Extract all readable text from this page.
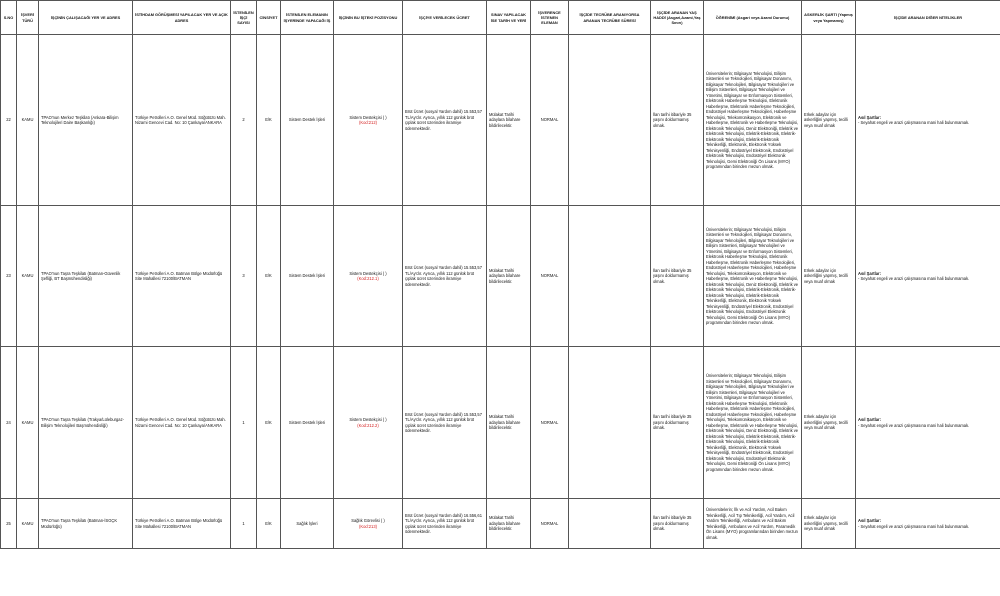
S.NO	İŞVERİ TÜRÜ	İŞÇİNİN ÇALIŞACAĞI YER VE ADRES	İSTİHDAM GÖRÜŞMESİ YAPILACAK YER VE AÇIK ADRES	İSTENİLEN İŞÇİ SAYISI	CİNSİYET	İSTENİLEN ELEMANIN İŞYERİNDE YAPACAĞI İŞ	İŞÇİNİN BU İŞTEKİ POZİSYONU	İŞÇİYE VERİLECEK ÜCRET	SINAV YAPILACAK İSE TARİH VE YERİ	İŞVERENCE İSTENEN ELEMAN	İŞÇİDE TECRÜBE ARANIYORSA ARANAN TECRÜBE SÜRESİ	İŞÇİDE ARANAN YAŞ HADDİ (Asgari,Azami,Yaş Sınırı)	ÖĞRENİMİ (Asgari veya Azami Durumu)	ASKERLİK ŞARTI (Yapmış veya Yapmamış)	İŞÇİDE ARANAN DİĞER NİTELİKLER
22	KAMU	TPAO'nun Merkez Teşkilatı (Ankara-Bilişim Teknolojileri Daire Başkanlığı)	Türkiye Petrolleri A.O. Genel Müd. Söğütözü Mah. Nizami Gencevi Cad. No: 10 Çankaya/ANKARA	2	E/K	Sistem Destek İşleri	Sistem Destekçisi ( )
(Kod:212)	Brüt Ücret (sosyal Yardım dahil) 15.553,57 TL/Ay'dır. Ayrıca, yıllık 112 günlük brüt çıplak ücret üzerinden ikramiye ödenmektedir.	Mülakat Tarihi adaylara bilahare bildirilecektir.	NORMAL		İlan tarihi itibariyle 35 yaşını doldurmamış olmak.	Üniversitelerin; Bilgisayar Teknolojisi, Bilişim Sistemleri ve Teknolojileri, Bilgisayar Donanımı, Bilgisayar Teknolojileri, Bilgisayar Teknolojileri ve Bilişim Sistemleri, Bilgisayar Teknolojileri ve Yönetimi, Bilgisayar ve Enformasyon Sistemleri, Elektronik Haberleşme Teknolojisi, Elektronik Haberleşme, Elektronik Haberleşme Teknolojileri, Endüstriyel Haberleşme Teknolojileri, Haberleşme Teknolojisi, Telekomünikasyon, Elektronik ve Haberleşme, Elektronik ve Haberleşme Teknolojisi, Elektronik Teknolojisi, Deniz Elektroniği, Elektrik ve Elektronik Teknolojisi, Elektrik-Elektronik, Elektrik-Elektronik Teknolojisi, Elektrik-Elektronik Teknikerliği, Elektronik, Elektronik Yüksek Teknisyenliği, Endüstriyel Elektronik, Endüstriyel Elektronik Teknolojisi, Endüstriyel Elektronik Teknolojisi, Gemi Elektroniği Ön Lisans (MYO) programından birinden mezun olmak.	Erkek adaylar için askerliğini yapmış, tecilli veya muaf olmak	Asıl Şartlar:
- Seyahat engeli ve arazi çalışmasına mani hali bulunmamak.

23	KAMU	TPAO'nun Taşra Teşkilatı (Batman-Güvenlik Şefliği, BT Başmühendisliği)	Türkiye Petrolleri A.O. Batman Bölge Müdürlüğü Site Mahallesi 72100/BATMAN	3	E/K	Sistem Destek İşleri	Sistem Destekçisi ( )
(Kod:212.1)	Brüt Ücret (sosyal Yardım dahil) 15.553,57 TL/Ay'dır. Ayrıca, yıllık 112 günlük brüt çıplak ücret üzerinden ikramiye ödenmektedir.	Mülakat Tarihi adaylara bilahare bildirilecektir.	NORMAL		İlan tarihi itibariyle 35 yaşını doldurmamış olmak.	Üniversitelerin; Bilgisayar Teknolojisi, Bilişim Sistemleri ve Teknolojileri, Bilgisayar Donanımı, Bilgisayar Teknolojileri, Bilgisayar Teknolojileri ve Bilişim Sistemleri, Bilgisayar Teknolojileri ve Yönetimi, Bilgisayar ve Enformasyon Sistemleri, Elektronik Haberleşme Teknolojisi, Elektronik Haberleşme, Elektronik Haberleşme Teknolojileri, Endüstriyel Haberleşme Teknolojileri, Haberleşme Teknolojisi, Telekomünikasyon, Elektronik ve Haberleşme, Elektronik ve Haberleşme Teknolojisi, Elektronik Teknolojisi, Deniz Elektroniği, Elektrik ve Elektronik Teknolojisi, Elektrik-Elektronik, Elektrik-Elektronik Teknolojisi, Elektrik-Elektronik Teknikerliği, Elektronik, Elektronik Yüksek Teknisyenliği, Endüstriyel Elektronik, Endüstriyel Elektronik Teknolojisi, Endüstriyel Elektronik Teknolojisi, Gemi Elektroniği Ön Lisans (MYO) programından birinden mezun olmak.	Erkek adaylar için askerliğini yapmış, tecilli veya muaf olmak	Asıl Şartlar:
- Seyahat engeli ve arazi çalışmasına mani hali bulunmamak.

24	KAMU	TPAO'nun Taşra Teşkilatı (Trakya/Lüleburgaz-Bilişim Teknolojileri Başmühendisliği)	Türkiye Petrolleri A.O. Genel Müd. Söğütözü Mah. Nizami Gencevi Cad. No: 10 Çankaya/ANKARA	1	E/K	Sistem Destek İşleri	Sistem Destekçisi ( )
(Kod:212.2)	Brüt Ücret (sosyal Yardım dahil) 15.553,57 TL/Ay'dır. Ayrıca, yıllık 112 günlük brüt çıplak ücret üzerinden ikramiye ödenmektedir.	Mülakat Tarihi adaylara bilahare bildirilecektir.	NORMAL		İlan tarihi itibariyle 35 yaşını doldurmamış olmak.	Üniversitelerin; Bilgisayar Teknolojisi, Bilişim Sistemleri ve Teknolojileri, Bilgisayar Donanımı, Bilgisayar Teknolojileri, Bilgisayar Teknolojileri ve Bilişim Sistemleri, Bilgisayar Teknolojileri ve Yönetimi, Bilgisayar ve Enformasyon Sistemleri, Elektronik Haberleşme Teknolojisi, Elektronik Haberleşme, Elektronik Haberleşme Teknolojileri, Endüstriyel Haberleşme Teknolojileri, Haberleşme Teknolojisi, Telekomünikasyon, Elektronik ve Haberleşme, Elektronik ve Haberleşme Teknolojisi, Elektronik Teknolojisi, Deniz Elektroniği, Elektrik ve Elektronik Teknolojisi, Elektrik-Elektronik, Elektrik-Elektronik Teknolojisi, Elektrik-Elektronik Teknikerliği, Elektronik, Elektronik Yüksek Teknisyenliği, Endüstriyel Elektronik, Endüstriyel Elektronik Teknolojisi, Endüstriyel Elektronik Teknolojisi, Gemi Elektroniği Ön Lisans (MYO) programından birinden mezun olmak.	Erkek adaylar için askerliğini yapmış, tecilli veya muaf olmak	Asıl Şartlar:
- Seyahat engeli ve arazi çalışmasına mani hali bulunmamak.

25	KAMU	TPAO'nun Taşra Teşkilatı (Batman-İSGÇK Müdürlüğü)	Türkiye Petrolleri A.O. Batman Bölge Müdürlüğü Site Mahallesi 72100/BATMAN	1	E/K	Sağlık İşleri	Sağlık Görevlisi ( )
(Kod:213)	Brüt Ücret (sosyal Yardım dahil) 16.556,61 TL/Ay'dır. Ayrıca, yıllık 112 günlük brüt çıplak ücret üzerinden ikramiye ödenmektedir.	Mülakat Tarihi adaylara bilahare bildirilecektir.	NORMAL		İlan tarihi itibariyle 35 yaşını doldurmamış olmak.	Üniversitelerin; İlk ve Acil Yardım, Acil Bakım Teknikerliği, Acil Tıp Teknikerliği, Acil Yardım, Acil Yardım Teknikerliği, Ambulans ve Acil Bakım Teknikerliği, Ambulans ve Acil Yardım, Paramedik Ön Lisans (MYO) programlarından birinden mezun olmak.	Erkek adaylar için askerliğini yapmış, tecilli veya muaf olmak	Asıl Şartlar:
- Seyahat engeli ve arazi çalışmasına mani hali bulunmamak.
